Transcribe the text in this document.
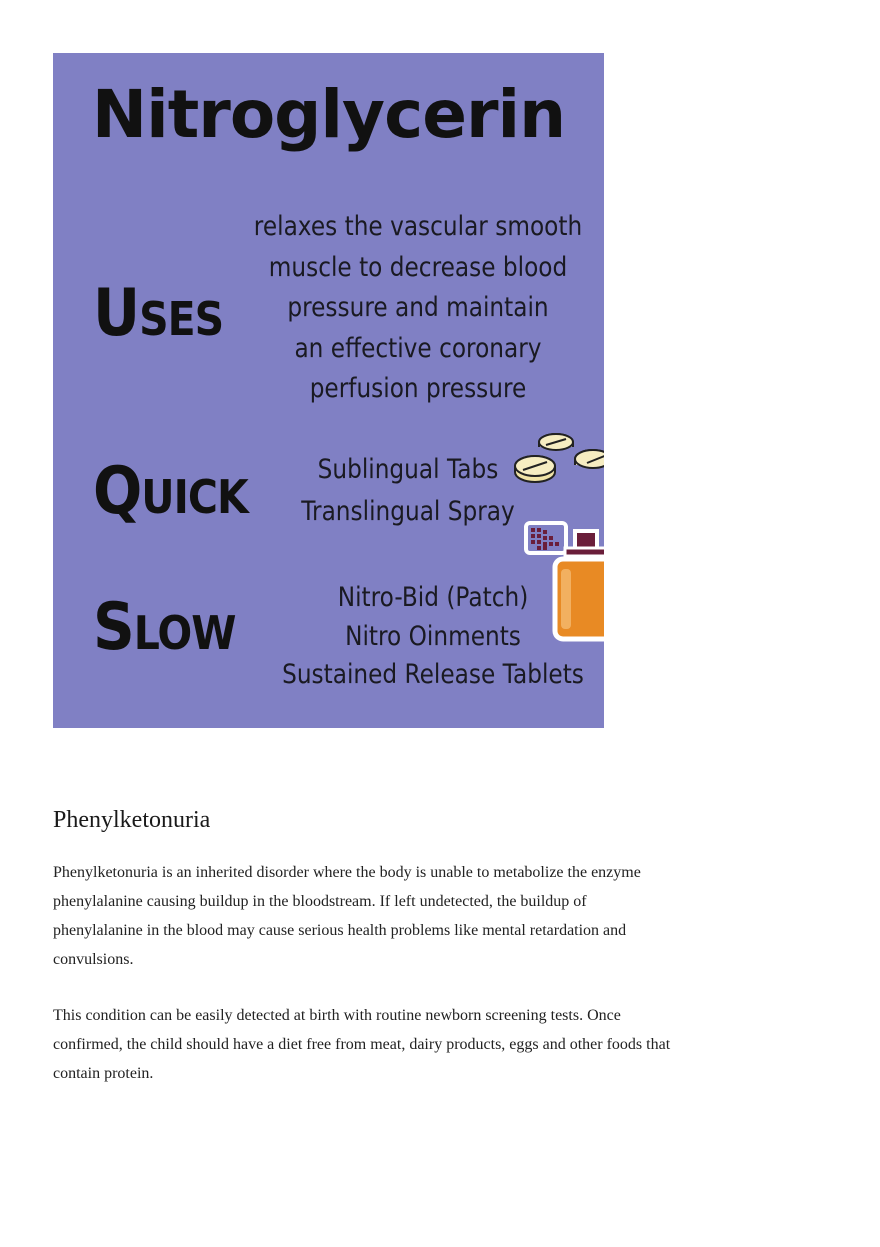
Nitroglycerin
Uses
relaxes the vascular smooth
muscle to decrease blood
pressure and maintain
an effective coronary
perfusion pressure
Quick	Sublingual Tabs
Translingual Spray
Slow	Nitro-Bid (Patch)
Nitro Oinments
Sustained Release Tablets
Phenylketonuria

Phenylketonuria is an inherited disorder where the body is unable to metabolize the enzyme phenylalanine causing buildup in the bloodstream. If left undetected, the buildup of phenylalanine in the blood may cause serious health problems like mental retardation and convulsions.

This condition can be easily detected at birth with routine newborn screening tests. Once confirmed, the child should have a diet free from meat, dairy products, eggs and other foods that contain protein.
